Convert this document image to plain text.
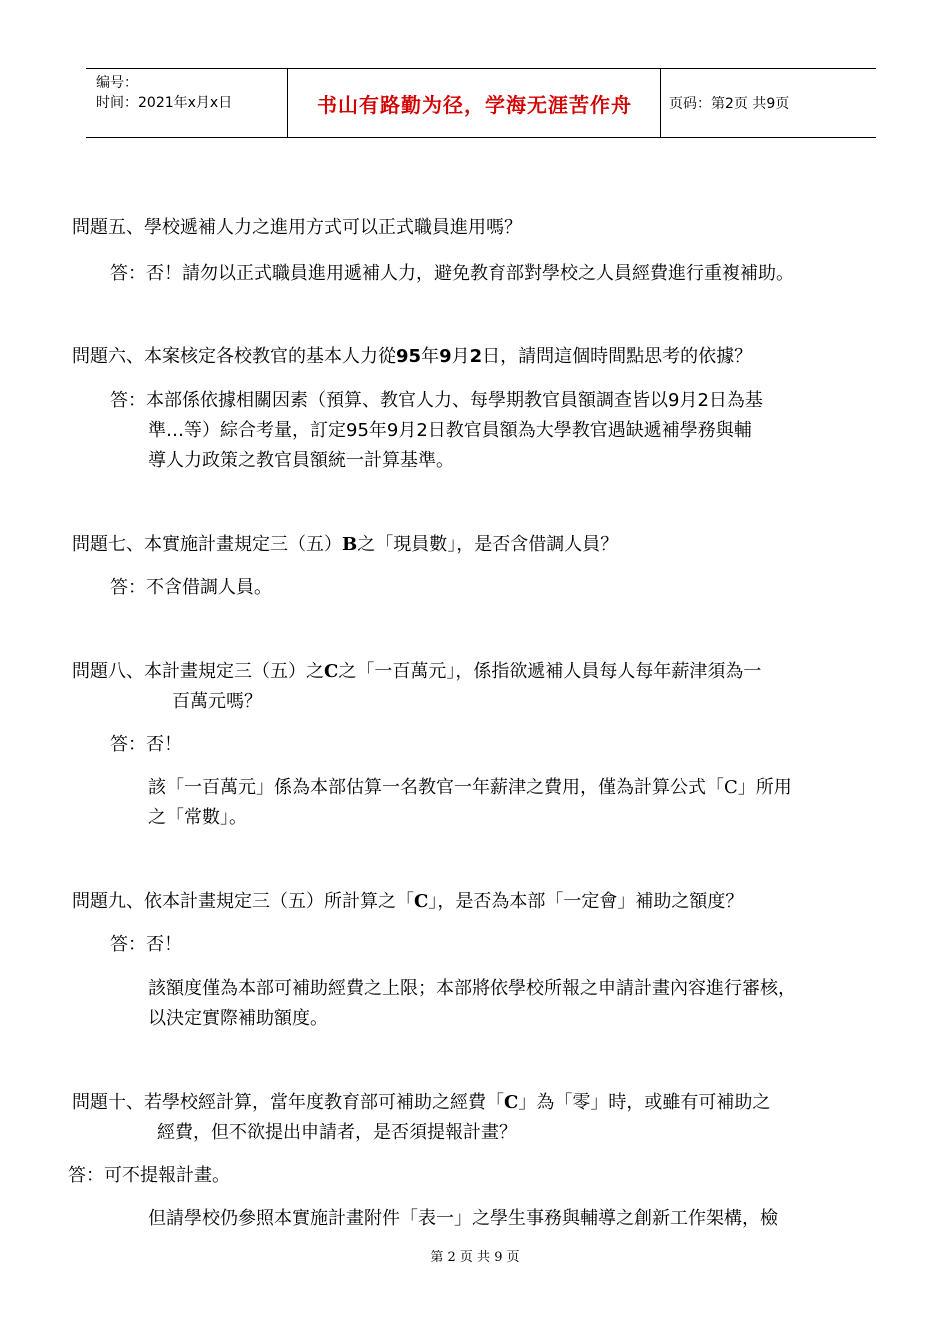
编号：
时间：2021年x月x日	书山有路勤为径，学海无涯苦作舟	页码：第2页 共9页
問題五、學校遞補人力之進用方式可以正式職員進用嗎？
答：否！請勿以正式職員進用遞補人力，避免教育部對學校之人員經費進行重複補助。
問題六、本案核定各校教官的基本人力從95年9月2日，請問這個時間點思考的依據？
答：本部係依據相關因素（預算、教官人力、每學期教官員額調查皆以9月2日為基
準…等）綜合考量，訂定95年9月2日教官員額為大學教官遇缺遞補學務與輔
導人力政策之教官員額統一計算基準。
問題七、本實施計畫規定三（五）B之「現員數」，是否含借調人員？
答：不含借調人員。
問題八、本計畫規定三（五）之C之「一百萬元」，係指欲遞補人員每人每年薪津須為一
百萬元嗎？
答：否！
該「一百萬元」係為本部估算一名教官一年薪津之費用，僅為計算公式「C」所用
之「常數」。
問題九、依本計畫規定三（五）所計算之「C」，是否為本部「一定會」補助之額度？
答：否！
該額度僅為本部可補助經費之上限；本部將依學校所報之申請計畫內容進行審核，
以決定實際補助額度。
問題十、若學校經計算，當年度教育部可補助之經費「C」為「零」時，或雖有可補助之
經費，但不欲提出申請者，是否須提報計畫？
答：可不提報計畫。
但請學校仍參照本實施計畫附件「表一」之學生事務與輔導之創新工作架構，檢
第 2 页 共 9 页
